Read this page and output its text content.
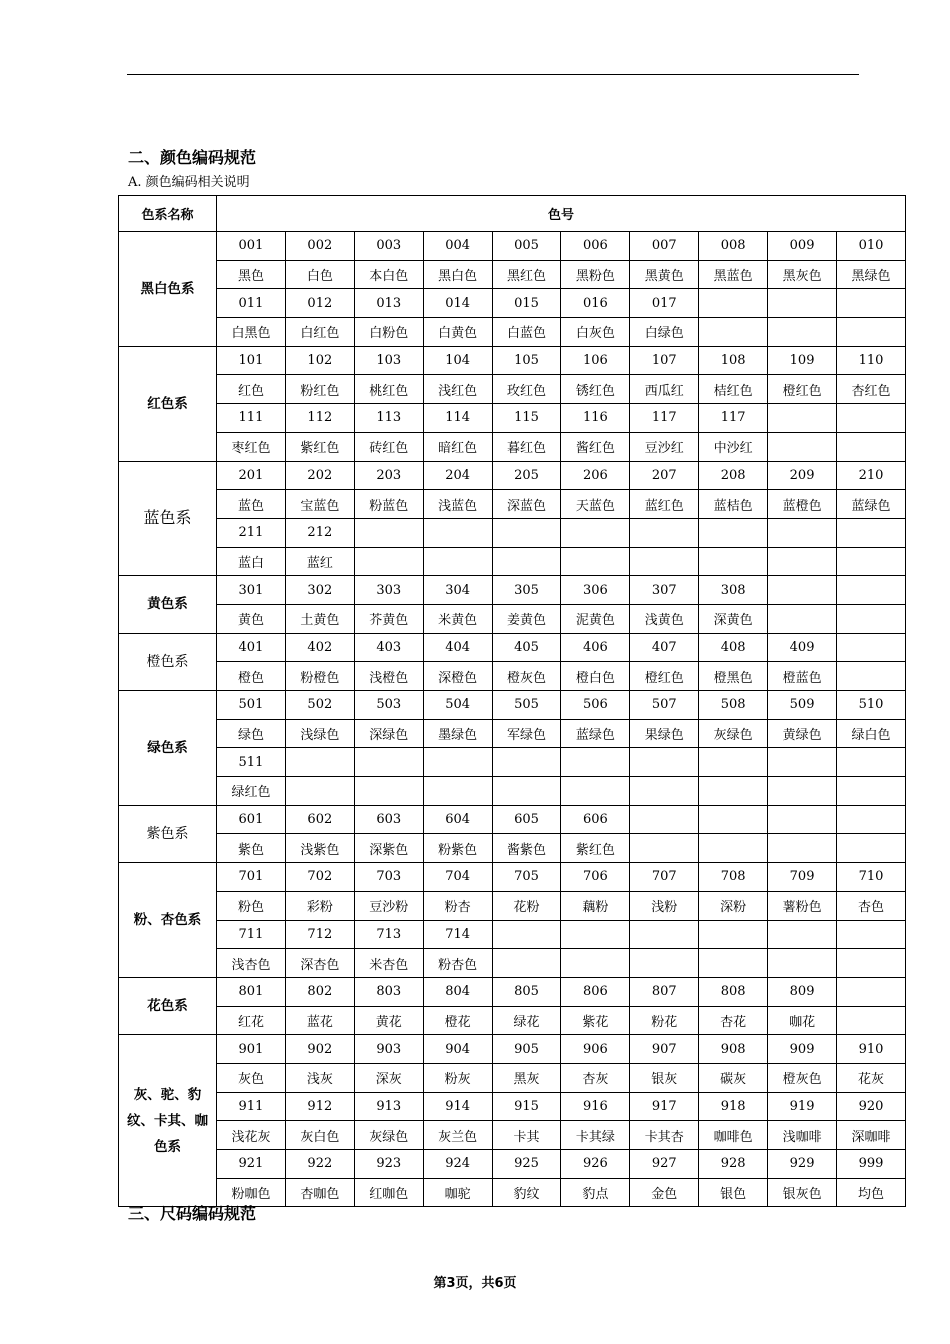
二、颜色编码规范
A. 颜色编码相关说明
色系名称	色号									
黑白色系	001	002	003	004	005	006	007	008	009	010
	黑色	白色	本白色	黑白色	黑红色	黑粉色	黑黄色	黑蓝色	黑灰色	黑绿色
	011	012	013	014	015	016	017			
	白黑色	白红色	白粉色	白黄色	白蓝色	白灰色	白绿色			
红色系	101	102	103	104	105	106	107	108	109	110
	红色	粉红色	桃红色	浅红色	玫红色	锈红色	西瓜红	桔红色	橙红色	杏红色
	111	112	113	114	115	116	117	117		
	枣红色	紫红色	砖红色	暗红色	暮红色	酱红色	豆沙红	中沙红		
蓝色系	201	202	203	204	205	206	207	208	209	210
	蓝色	宝蓝色	粉蓝色	浅蓝色	深蓝色	天蓝色	蓝红色	蓝桔色	蓝橙色	蓝绿色
	211	212								
	蓝白	蓝红								
黄色系	301	302	303	304	305	306	307	308		
	黄色	土黄色	芥黄色	米黄色	姜黄色	泥黄色	浅黄色	深黄色		
橙色系	401	402	403	404	405	406	407	408	409	
	橙色	粉橙色	浅橙色	深橙色	橙灰色	橙白色	橙红色	橙黑色	橙蓝色	
绿色系	501	502	503	504	505	506	507	508	509	510
	绿色	浅绿色	深绿色	墨绿色	军绿色	蓝绿色	果绿色	灰绿色	黄绿色	绿白色
	511									
	绿红色									
紫色系	601	602	603	604	605	606				
	紫色	浅紫色	深紫色	粉紫色	酱紫色	紫红色				
粉、杏色系	701	702	703	704	705	706	707	708	709	710
	粉色	彩粉	豆沙粉	粉杏	花粉	藕粉	浅粉	深粉	薯粉色	杏色
	711	712	713	714						
	浅杏色	深杏色	米杏色	粉杏色						
花色系	801	802	803	804	805	806	807	808	809	
	红花	蓝花	黄花	橙花	绿花	紫花	粉花	杏花	咖花	
灰、驼、豹纹、卡其、咖色系	901	902	903	904	905	906	907	908	909	910
	灰色	浅灰	深灰	粉灰	黑灰	杏灰	银灰	碳灰	橙灰色	花灰
	911	912	913	914	915	916	917	918	919	920
	浅花灰	灰白色	灰绿色	灰兰色	卡其	卡其绿	卡其杏	咖啡色	浅咖啡	深咖啡
	921	922	923	924	925	926	927	928	929	999
	粉咖色	杏咖色	红咖色	咖驼	豹纹	豹点	金色	银色	银灰色	均色
三、尺码编码规范
第3页，共6页
